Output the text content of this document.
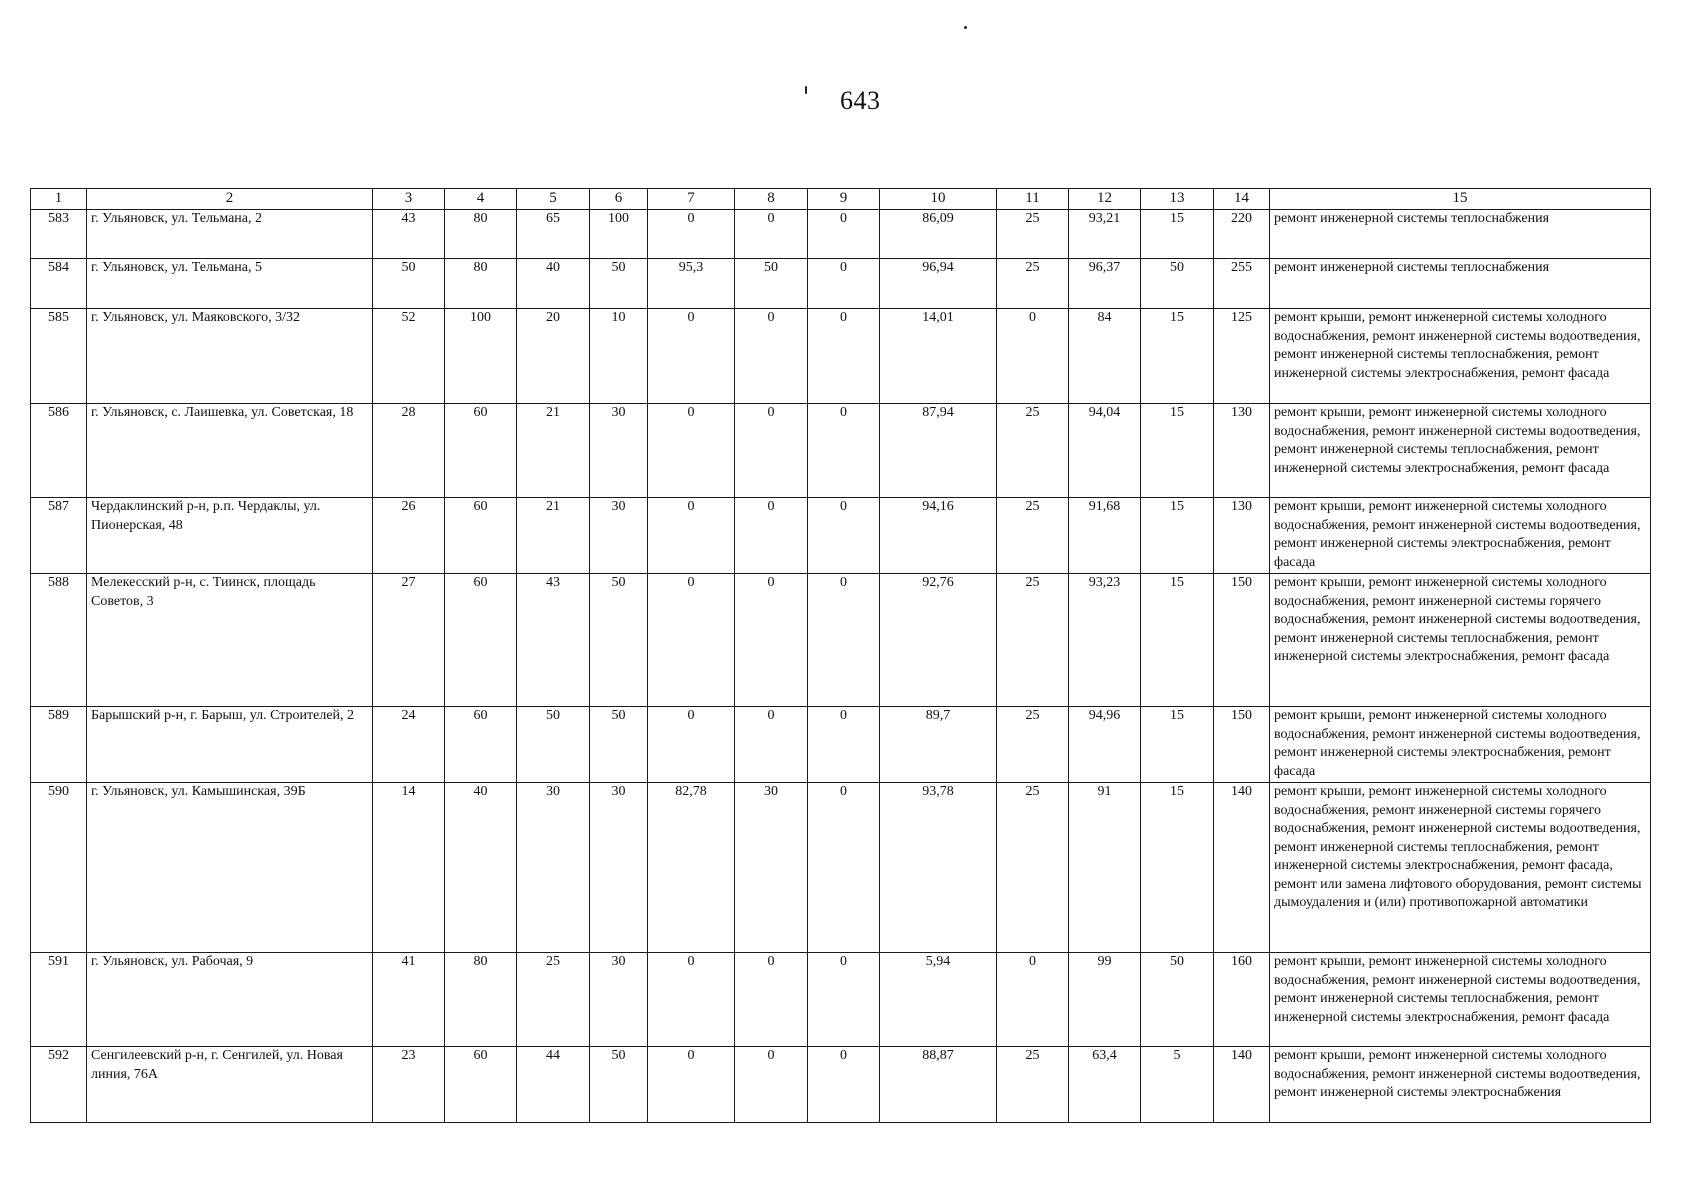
643
1	2	3	4	5	6	7	8	9	10	11	12	13	14	15
583	г. Ульяновск, ул. Тельмана, 2	43	80	65	100	0	0	0	86,09	25	93,21	15	220	ремонт инженерной системы теплоснабжения
584	г. Ульяновск, ул. Тельмана, 5	50	80	40	50	95,3	50	0	96,94	25	96,37	50	255	ремонт инженерной системы теплоснабжения
585	г. Ульяновск, ул. Маяковского, 3/32	52	100	20	10	0	0	0	14,01	0	84	15	125	ремонт крыши, ремонт инженерной системы холодного водоснабжения, ремонт инженерной системы водоотведения, ремонт инженерной системы теплоснабжения, ремонт инженерной системы электроснабжения, ремонт фасада
586	г. Ульяновск, с. Лаишевка, ул. Советская, 18	28	60	21	30	0	0	0	87,94	25	94,04	15	130	ремонт крыши, ремонт инженерной системы холодного водоснабжения, ремонт инженерной системы водоотведения, ремонт инженерной системы теплоснабжения, ремонт инженерной системы электроснабжения, ремонт фасада
587	Чердаклинский р-н, р.п. Чердаклы, ул. Пионерская, 48	26	60	21	30	0	0	0	94,16	25	91,68	15	130	ремонт крыши, ремонт инженерной системы холодного водоснабжения, ремонт инженерной системы водоотведения, ремонт инженерной системы электроснабжения, ремонт фасада
588	Мелекесский р-н, с. Тиинск, площадь Советов, 3	27	60	43	50	0	0	0	92,76	25	93,23	15	150	ремонт крыши, ремонт инженерной системы холодного водоснабжения, ремонт инженерной системы горячего водоснабжения, ремонт инженерной системы водоотведения, ремонт инженерной системы теплоснабжения, ремонт инженерной системы электроснабжения, ремонт фасада
589	Барышский р-н, г. Барыш, ул. Строителей, 2	24	60	50	50	0	0	0	89,7	25	94,96	15	150	ремонт крыши, ремонт инженерной системы холодного водоснабжения, ремонт инженерной системы водоотведения, ремонт инженерной системы электроснабжения, ремонт фасада
590	г. Ульяновск, ул. Камышинская, 39Б	14	40	30	30	82,78	30	0	93,78	25	91	15	140	ремонт крыши, ремонт инженерной системы холодного водоснабжения, ремонт инженерной системы горячего водоснабжения, ремонт инженерной системы водоотведения, ремонт инженерной системы теплоснабжения, ремонт инженерной системы электроснабжения, ремонт фасада, ремонт или замена лифтового оборудования, ремонт системы дымоудаления и (или) противопожарной автоматики
591	г. Ульяновск, ул. Рабочая, 9	41	80	25	30	0	0	0	5,94	0	99	50	160	ремонт крыши, ремонт инженерной системы холодного водоснабжения, ремонт инженерной системы водоотведения, ремонт инженерной системы теплоснабжения, ремонт инженерной системы электроснабжения, ремонт фасада
592	Сенгилеевский р-н, г. Сенгилей, ул. Новая линия, 76А	23	60	44	50	0	0	0	88,87	25	63,4	5	140	ремонт крыши, ремонт инженерной системы холодного водоснабжения, ремонт инженерной системы водоотведения, ремонт инженерной системы электроснабжения
